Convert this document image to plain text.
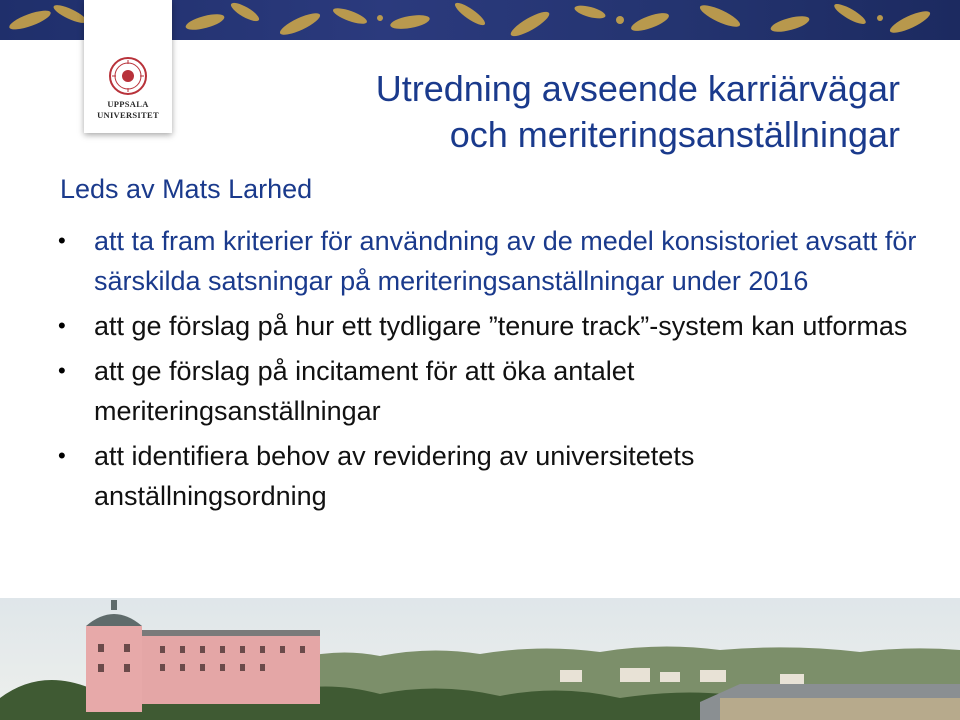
UPPSALA
UNIVERSITET
Utredning avseende karriärvägar
och meriteringsanställningar
Leds av Mats Larhed
• att ta fram kriterier för användning av de medel konsistoriet avsatt för särskilda satsningar på meriteringsanställningar under 2016
• att ge förslag på hur ett tydligare ”tenure track”-system kan utformas
• att ge förslag på incitament för att öka antalet meriteringsanställningar
• att identifiera behov av revidering av universitetets anställningsordning
